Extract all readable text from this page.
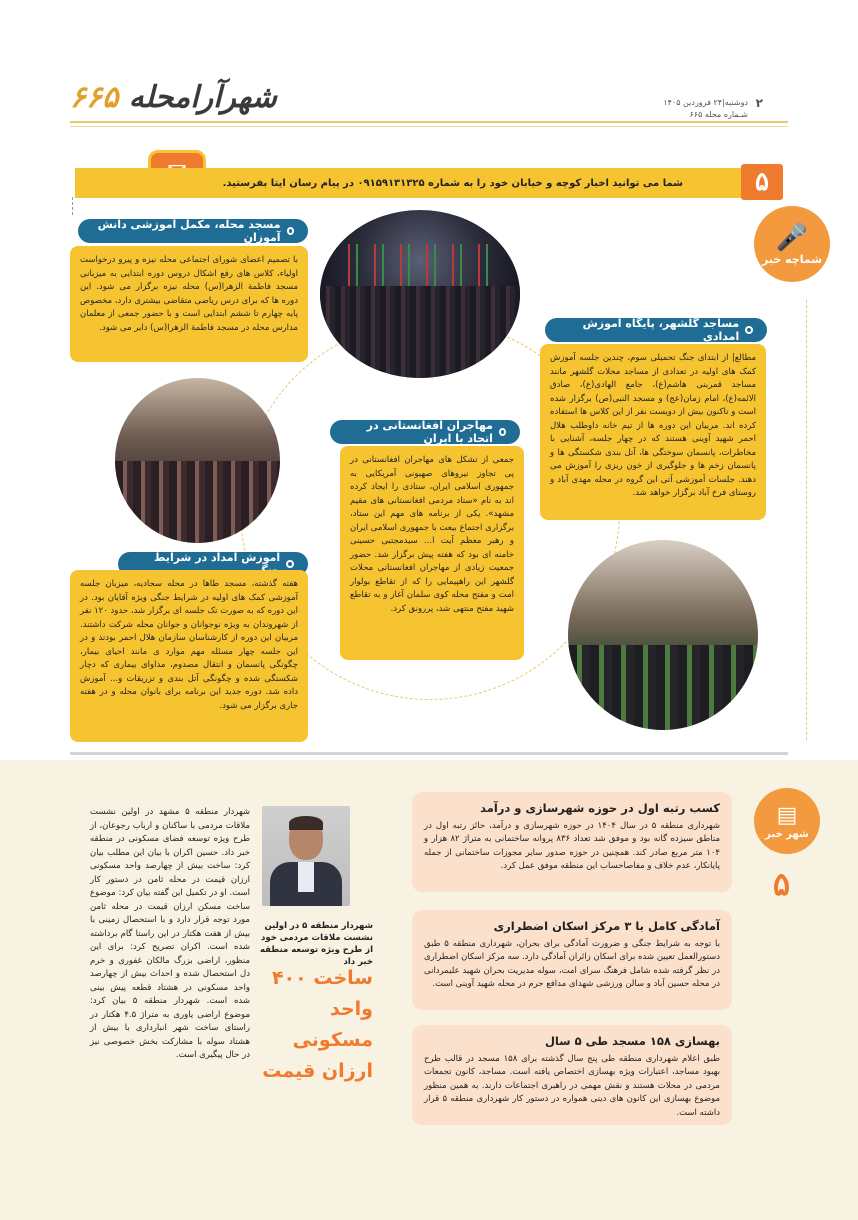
شهرآرامحله ۶۶۵	۲
دوشنبه|۲۴ فروردین ۱۴۰۵
شـماره محله ۶۶۵
شما می توانید اخبار کوچه و خیابان خود را به شماره ۰۹۱۵۹۱۳۱۳۲۵ در پیام رسان ایتا بفرستید.	۵
🎤
شماچه خبر
مسجد محله، مکمل آموزشی دانش آموزان
با تصمیم اعضای شورای اجتماعی محله نیزه و پیرو درخواست اولیاء، کلاس های رفع اشکال دروس دوره ابتدایی به میزبانی مسجد فاطمة الزهرا(س) محله نیزه برگزار می شود. این دوره ها که برای درس ریاضی متقاضی بیشتری دارد، مخصوص پایه چهارم تا ششم ابتدایی است و با حضور جمعی از معلمان مدارس محله در مسجد فاطمة الزهرا(س) دایر می شود.	مساجد گلشهر، پایگاه آموزش امدادی
مطالع| از ابتدای جنگ تحمیلی سوم، چندین جلسه آموزش کمک های اولیه در تعدادی از مساجد محلات گلشهر مانند مساجد قمربنی هاشم(ع)، جامع الهادی(ع)، صادق الائمه(ع)، امام زمان(عج) و مسجد النبی(ص) برگزار شده است و تاکنون بیش از دویست نفر از این کلاس ها استفاده کرده اند. مربیان این دوره ها از تیم خانه داوطلب هلال احمر شهید آوینی هستند که در چهار جلسه، آشنایی با مخاطرات، پانسمان سوختگی ها، آتل بندی شکستگی ها و پانسمان زخم ها و جلوگیری از خون ریزی را آموزش می دهند. جلسات آموزشی آتی این گروه در محله مهدی آباد و روستای فرخ آباد برگزار خواهد شد.
مهاجران افغانستانی در اتحاد با ایران
جمعی از تشکل های مهاجران افغانستانی در پی تجاوز نیروهای صهیونی آمریکایی به جمهوری اسلامی ایران، ستادی را ایجاد کرده اند به نام «ستاد مردمی افغانستانی های مقیم مشهد». یکی از برنامه های مهم این ستاد، برگزاری اجتماع بیعت با جمهوری اسلامی ایران و رهبر معظم آیت ا... سیدمجتبی حسینی خامنه ای بود که هفته پیش برگزار شد. حضور جمعیت زیادی از مهاجران افغانستانی محلات گلشهر این راهپیمایی را که از تقاطع بولوار امت و مفتح محله کوی سلمان آغاز و به تقاطع شهید مفتح منتهی شد، پررونق کرد.
آموزش امداد در شرایط
هفته گذشته، مسجد طاها در محله سجادیه، میزبان جلسه آموزشی کمک های اولیه در شرایط جنگی ویژه آقایان بود. در این دوره که به صورت تک جلسه ای برگزار شد، حدود ۱۲۰ نفر از شهروندان به ویژه نوجوانان و جوانان محله شرکت داشتند. مربیان این دوره از کارشناسان سازمان هلال احمر بودند و در این جلسه چهار مسئله مهم موارد ی مانند احیای بیمار، چگونگی پانسمان و انتقال مصدوم، مداوای بیماری که دچار شکستگی شده و چگونگی آتل بندی و تزریقات و... آموزش داده شد. دوره جدید این برنامه برای بانوان محله و در هفته جاری برگزار می شود.
▤
شهر خبر
۵
کسب رتبه اول در حوزه شهرسازی و درآمد
شهرداری منطقه ۵ در سال ۱۴۰۴ در حوزه شهرسازی و درآمد، حائز رتبه اول در مناطق سیزده گانه بود و موفق شد تعداد ۸۳۶ پروانه ساختمانی به متراژ ۸۲ هزار و ۱۰۴ متر مربع صادر کند. همچنین در حوزه صدور سایر مجوزات ساختمانی از جمله پایانکار، عدم خلاف و مفاصاحساب این منطقه موفق عمل کرد.
آمادگی کامل با ۳ مرکز اسکان اضطراری
با توجه به شرایط جنگی و ضرورت آمادگی برای بحران، شهرداری منطقه ۵ طبق دستورالعمل تعیین شده برای اسکان زائران آمادگی دارد. سه مرکز اسکان اضطراری در نظر گرفته شده شامل فرهنگ سرای امت، سوله مدیریت بحران شهید علیمردانی در محله حسین آباد و سالن ورزشی شهدای مدافع حرم در محله شهید آوینی است.
بهسازی ۱۵۸ مسجد طی ۵ سال
طبق اعلام شهرداری منطقه طی پنج سال گذشته برای ۱۵۸ مسجد در قالب طرح بهبود مساجد، اعتبارات ویژه بهسازی اختصاص یافته است. مساجد، کانون تجمعات مردمی در محلات هستند و نقش مهمی در راهبری اجتماعات دارند. به همین منظور موضوع بهسازی این کانون های دینی همواره در دستور کار شهرداری منطقه ۵ قرار داشته است.
شهردار منطقه ۵ در اولین نشست ملاقات مردمی خود از طرح ویژه توسعه منطقه خبر داد
ساخت ۴۰۰ واحد
مسکونی
ارزان قیمت
شهردار منطقه ۵ مشهد در اولین نشست ملاقات مردمی با ساکنان و ارباب رجوعان، از طرح ویژه توسعه فضای مسکونی در منطقه خبر داد. حسین اکران با بیان این مطلب بیان کرد: ساخت بیش از چهارصد واحد مسکونی ارزان قیمت در محله ثامن در دستور کار است. او در تکمیل این گفته بیان کرد: موضوع ساخت مسکن ارزان قیمت در محله ثامن مورد توجه قرار دارد و با استحصال زمینی با بیش از هفت هکتار در این راستا گام برداشته شده است. اکران تصریح کرد: برای این منظور، اراضی بزرگ مالکان غفوری و خرم دل استحصال شده و احداث بیش از چهارصد واحد مسکونی در هشتاد قطعه پیش بینی شده است. شهردار منطقه ۵ بیان کرد: موضوع اراضی یاوری به متراژ ۴.۵ هکتار در راستای ساخت شهر انبارداری با بیش از هشتاد سوله با مشارکت بخش خصوصی نیز در حال پیگیری است.
